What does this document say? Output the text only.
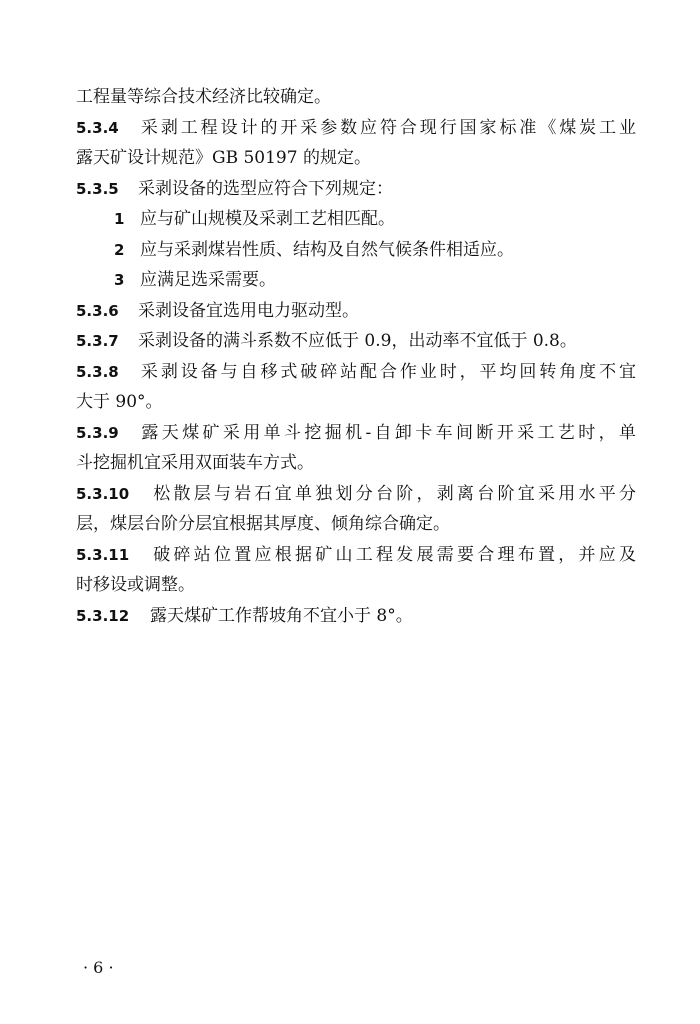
工程量等综合技术经济比较确定。
5.3.4 采剥工程设计的开采参数应符合现行国家标准《煤炭工业
露天矿设计规范》GB 50197 的规定。
5.3.5 采剥设备的选型应符合下列规定：
1 应与矿山规模及采剥工艺相匹配。
2 应与采剥煤岩性质、结构及自然气候条件相适应。
3 应满足选采需要。
5.3.6 采剥设备宜选用电力驱动型。
5.3.7 采剥设备的满斗系数不应低于 0.9，出动率不宜低于 0.8。
5.3.8 采剥设备与自移式破碎站配合作业时，平均回转角度不宜
大于 90°。
5.3.9 露天煤矿采用单斗挖掘机-自卸卡车间断开采工艺时，单
斗挖掘机宜采用双面装车方式。
5.3.10 松散层与岩石宜单独划分台阶，剥离台阶宜采用水平分
层，煤层台阶分层宜根据其厚度、倾角综合确定。
5.3.11 破碎站位置应根据矿山工程发展需要合理布置，并应及
时移设或调整。
5.3.12 露天煤矿工作帮坡角不宜小于 8°。
· 6 ·
